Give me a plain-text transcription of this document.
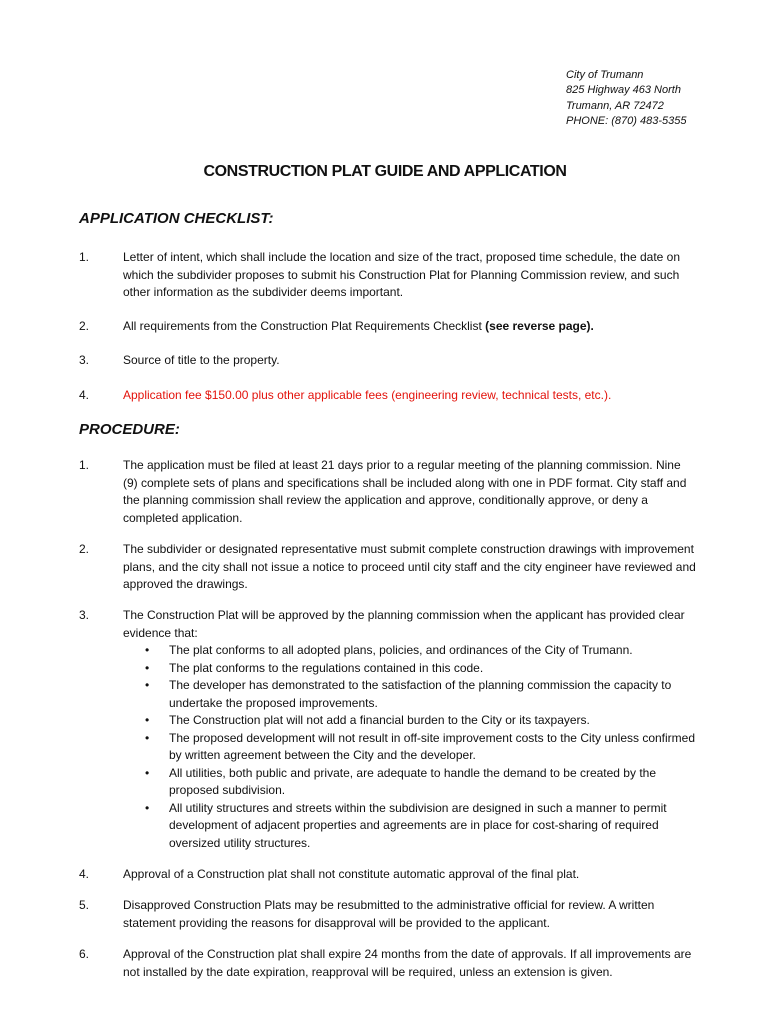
City of Trumann
825 Highway 463 North
Trumann, AR 72472
PHONE: (870) 483-5355
CONSTRUCTION PLAT GUIDE AND APPLICATION
APPLICATION CHECKLIST:
1.	Letter of intent, which shall include the location and size of the tract, proposed time schedule, the date on which the subdivider proposes to submit his Construction Plat for Planning Commission review, and such other information as the subdivider deems important.
2.	All requirements from the Construction Plat Requirements Checklist (see reverse page).
3.	Source of title to the property.
4.	Application fee $150.00 plus other applicable fees (engineering review, technical tests, etc.).
PROCEDURE:
1.	The application must be filed at least 21 days prior to a regular meeting of the planning commission. Nine (9) complete sets of plans and specifications shall be included along with one in PDF format. City staff and the planning commission shall review the application and approve, conditionally approve, or deny a completed application.
2.	The subdivider or designated representative must submit complete construction drawings with improvement plans, and the city shall not issue a notice to proceed until city staff and the city engineer have reviewed and approved the drawings.
3.	The Construction Plat will be approved by the planning commission when the applicant has provided clear evidence that:
• The plat conforms to all adopted plans, policies, and ordinances of the City of Trumann.
• The plat conforms to the regulations contained in this code.
• The developer has demonstrated to the satisfaction of the planning commission the capacity to undertake the proposed improvements.
• The Construction plat will not add a financial burden to the City or its taxpayers.
• The proposed development will not result in off-site improvement costs to the City unless confirmed by written agreement between the City and the developer.
• All utilities, both public and private, are adequate to handle the demand to be created by the proposed subdivision.
• All utility structures and streets within the subdivision are designed in such a manner to permit development of adjacent properties and agreements are in place for cost-sharing of required oversized utility structures.
4.	Approval of a Construction plat shall not constitute automatic approval of the final plat.
5.	Disapproved Construction Plats may be resubmitted to the administrative official for review. A written statement providing the reasons for disapproval will be provided to the applicant.
6.	Approval of the Construction plat shall expire 24 months from the date of approvals. If all improvements are not installed by the date expiration, reapproval will be required, unless an extension is given.
